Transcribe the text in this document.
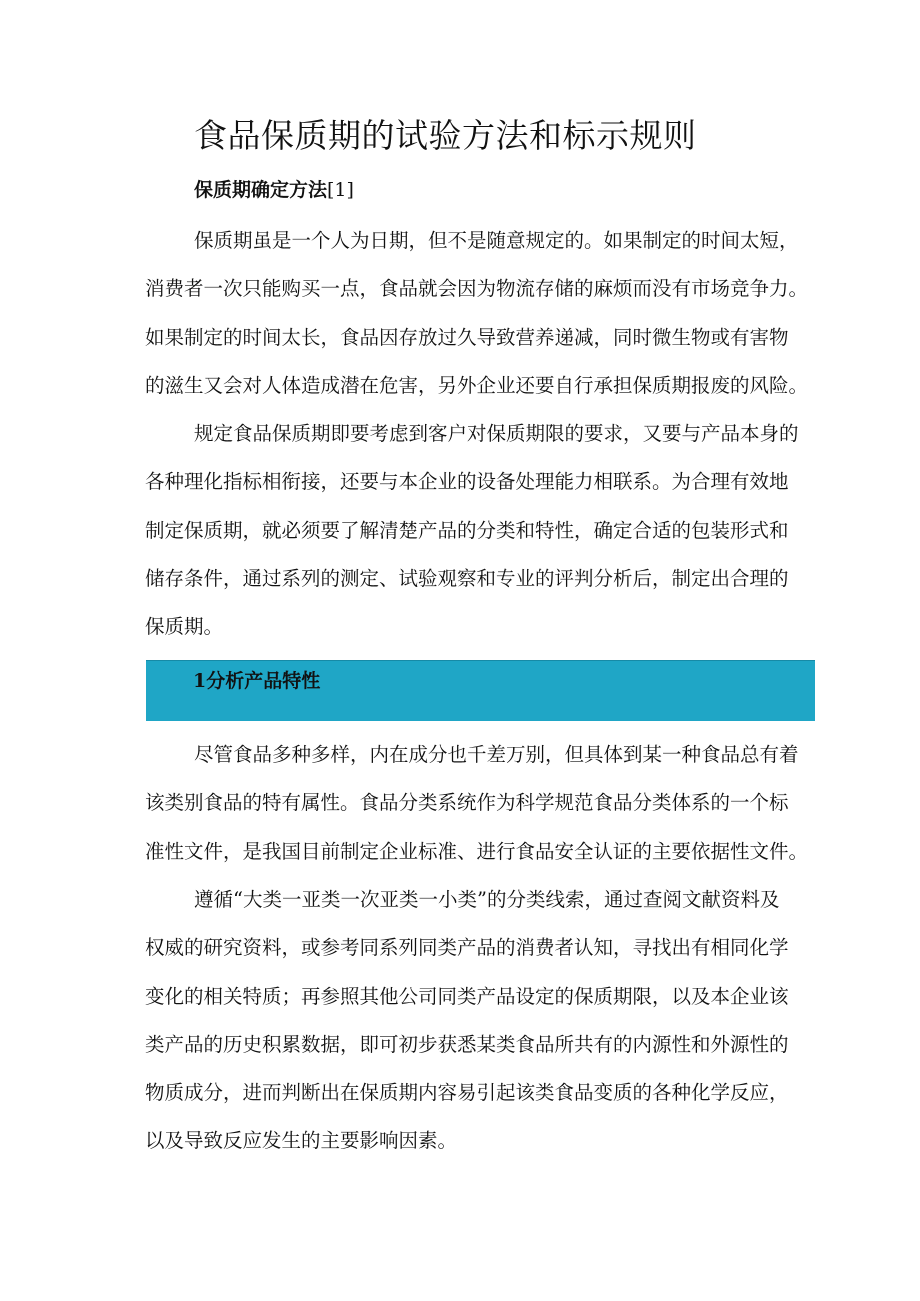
食品保质期的试验方法和标示规则
保质期确定方法[1]
保质期虽是一个人为日期，但不是随意规定的。如果制定的时间太短，
消费者一次只能购买一点，食品就会因为物流存储的麻烦而没有市场竞争力。
如果制定的时间太长，食品因存放过久导致营养递减，同时微生物或有害物
的滋生又会对人体造成潜在危害，另外企业还要自行承担保质期报废的风险。
规定食品保质期即要考虑到客户对保质期限的要求，又要与产品本身的
各种理化指标相衔接，还要与本企业的设备处理能力相联系。为合理有效地
制定保质期，就必须要了解清楚产品的分类和特性，确定合适的包装形式和
储存条件，通过系列的测定、试验观察和专业的评判分析后，制定出合理的
保质期。
1分析产品特性
尽管食品多种多样，内在成分也千差万别，但具体到某一种食品总有着
该类别食品的特有属性。食品分类系统作为科学规范食品分类体系的一个标
准性文件，是我国目前制定企业标准、进行食品安全认证的主要依据性文件。
遵循“大类一亚类一次亚类一小类”的分类线索，通过查阅文献资料及
权威的研究资料，或参考同系列同类产品的消费者认知，寻找出有相同化学
变化的相关特质；再参照其他公司同类产品设定的保质期限，以及本企业该
类产品的历史积累数据，即可初步获悉某类食品所共有的内源性和外源性的
物质成分，进而判断出在保质期内容易引起该类食品变质的各种化学反应，
以及导致反应发生的主要影响因素。
